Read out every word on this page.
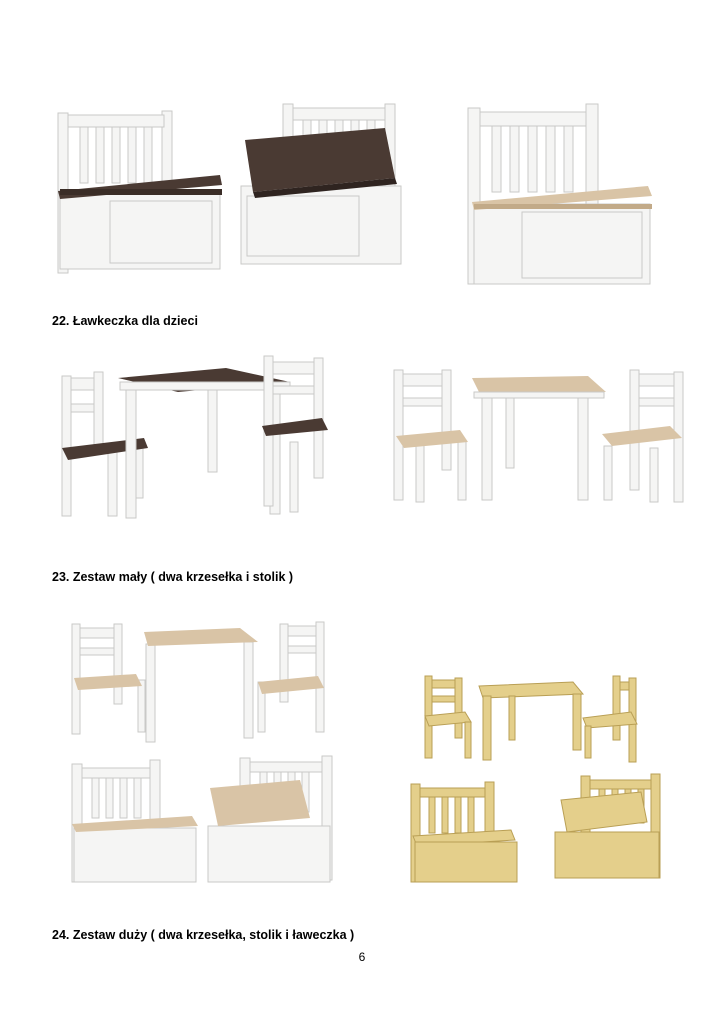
22. Ławkeczka dla dzieci
23. Zestaw mały ( dwa krzesełka i stolik )
24. Zestaw duży ( dwa krzesełka, stolik i ławeczka )
6
